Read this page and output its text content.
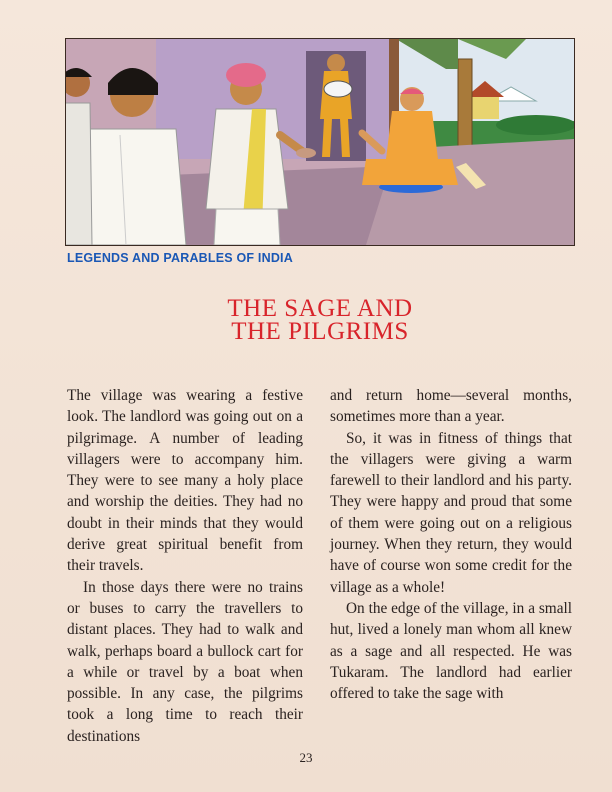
LEGENDS AND PARABLES OF INDIA
THE SAGE AND
THE PILGRIMS

The village was wearing a festive look. The landlord was going out on a pilgrimage. A number of leading villagers were to accompany him. They were to see many a holy place and worship the deities. They had no doubt in their minds that they would derive great spiritual benefit from their travels.

In those days there were no trains or buses to carry the travellers to distant places. They had to walk and walk, perhaps board a bullock cart for a while or travel by a boat when possible. In any case, the pilgrims took a long time to reach their destinations

and return home—several months, sometimes more than a year.

So, it was in fitness of things that the villagers were giving a warm farewell to their landlord and his party. They were happy and proud that some of them were going out on a religious journey. When they return, they would have of course won some credit for the village as a whole!

On the edge of the village, in a small hut, lived a lonely man whom all knew as a sage and all respected. He was Tukaram. The landlord had earlier offered to take the sage with

23
